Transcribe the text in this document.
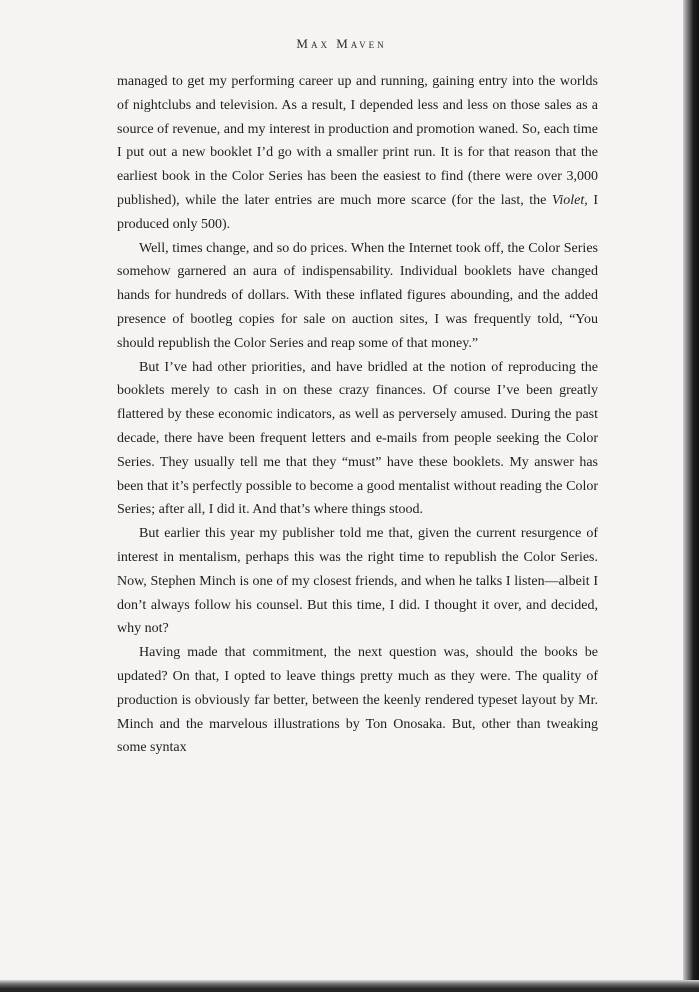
Max Maven

managed to get my performing career up and running, gaining entry into the worlds of nightclubs and television. As a result, I depended less and less on those sales as a source of revenue, and my interest in production and promotion waned. So, each time I put out a new booklet I’d go with a smaller print run. It is for that reason that the earliest book in the Color Series has been the easiest to find (there were over 3,000 published), while the later entries are much more scarce (for the last, the Violet, I produced only 500).

Well, times change, and so do prices. When the Internet took off, the Color Series somehow garnered an aura of indispensability. Individual booklets have changed hands for hundreds of dollars. With these inflated figures abounding, and the added presence of bootleg copies for sale on auction sites, I was frequently told, “You should republish the Color Series and reap some of that money.”

But I’ve had other priorities, and have bridled at the notion of reproducing the booklets merely to cash in on these crazy finances. Of course I’ve been greatly flattered by these economic indicators, as well as perversely amused. During the past decade, there have been frequent letters and e-mails from people seeking the Color Series. They usually tell me that they “must” have these booklets. My answer has been that it’s perfectly possible to become a good mentalist without reading the Color Series; after all, I did it. And that’s where things stood.

But earlier this year my publisher told me that, given the current resurgence of interest in mentalism, perhaps this was the right time to republish the Color Series. Now, Stephen Minch is one of my closest friends, and when he talks I listen—albeit I don’t always follow his counsel. But this time, I did. I thought it over, and decided, why not?

Having made that commitment, the next question was, should the books be updated? On that, I opted to leave things pretty much as they were. The quality of production is obviously far better, between the keenly rendered typeset layout by Mr. Minch and the marvelous illustrations by Ton Onosaka. But, other than tweaking some syntax
